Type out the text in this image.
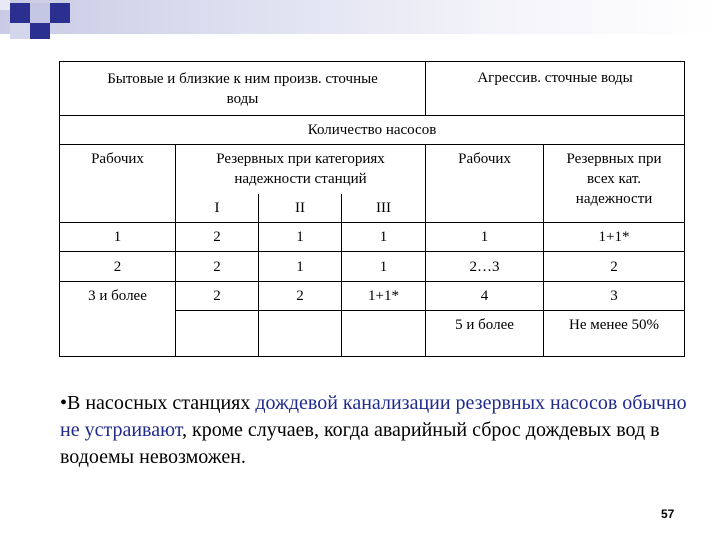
Бытовые и близкие к ним произв. сточные воды				Агрессив. сточные воды	
Количество насосов					
Рабочих	Резервных при категориях надежности станций			Рабочих	Резервных при всех кат. надежности
	I	II	III		
1	2	1	1	1	1+1*
2	2	1	1	2…3	2
3 и более	2	2	1+1*	4	3
				5 и более	Не менее 50%
•В насосных станциях дождевой канализации резервных насосов обычно не устраивают, кроме случаев, когда аварийный сброс дождевых вод в водоемы невозможен.
57
